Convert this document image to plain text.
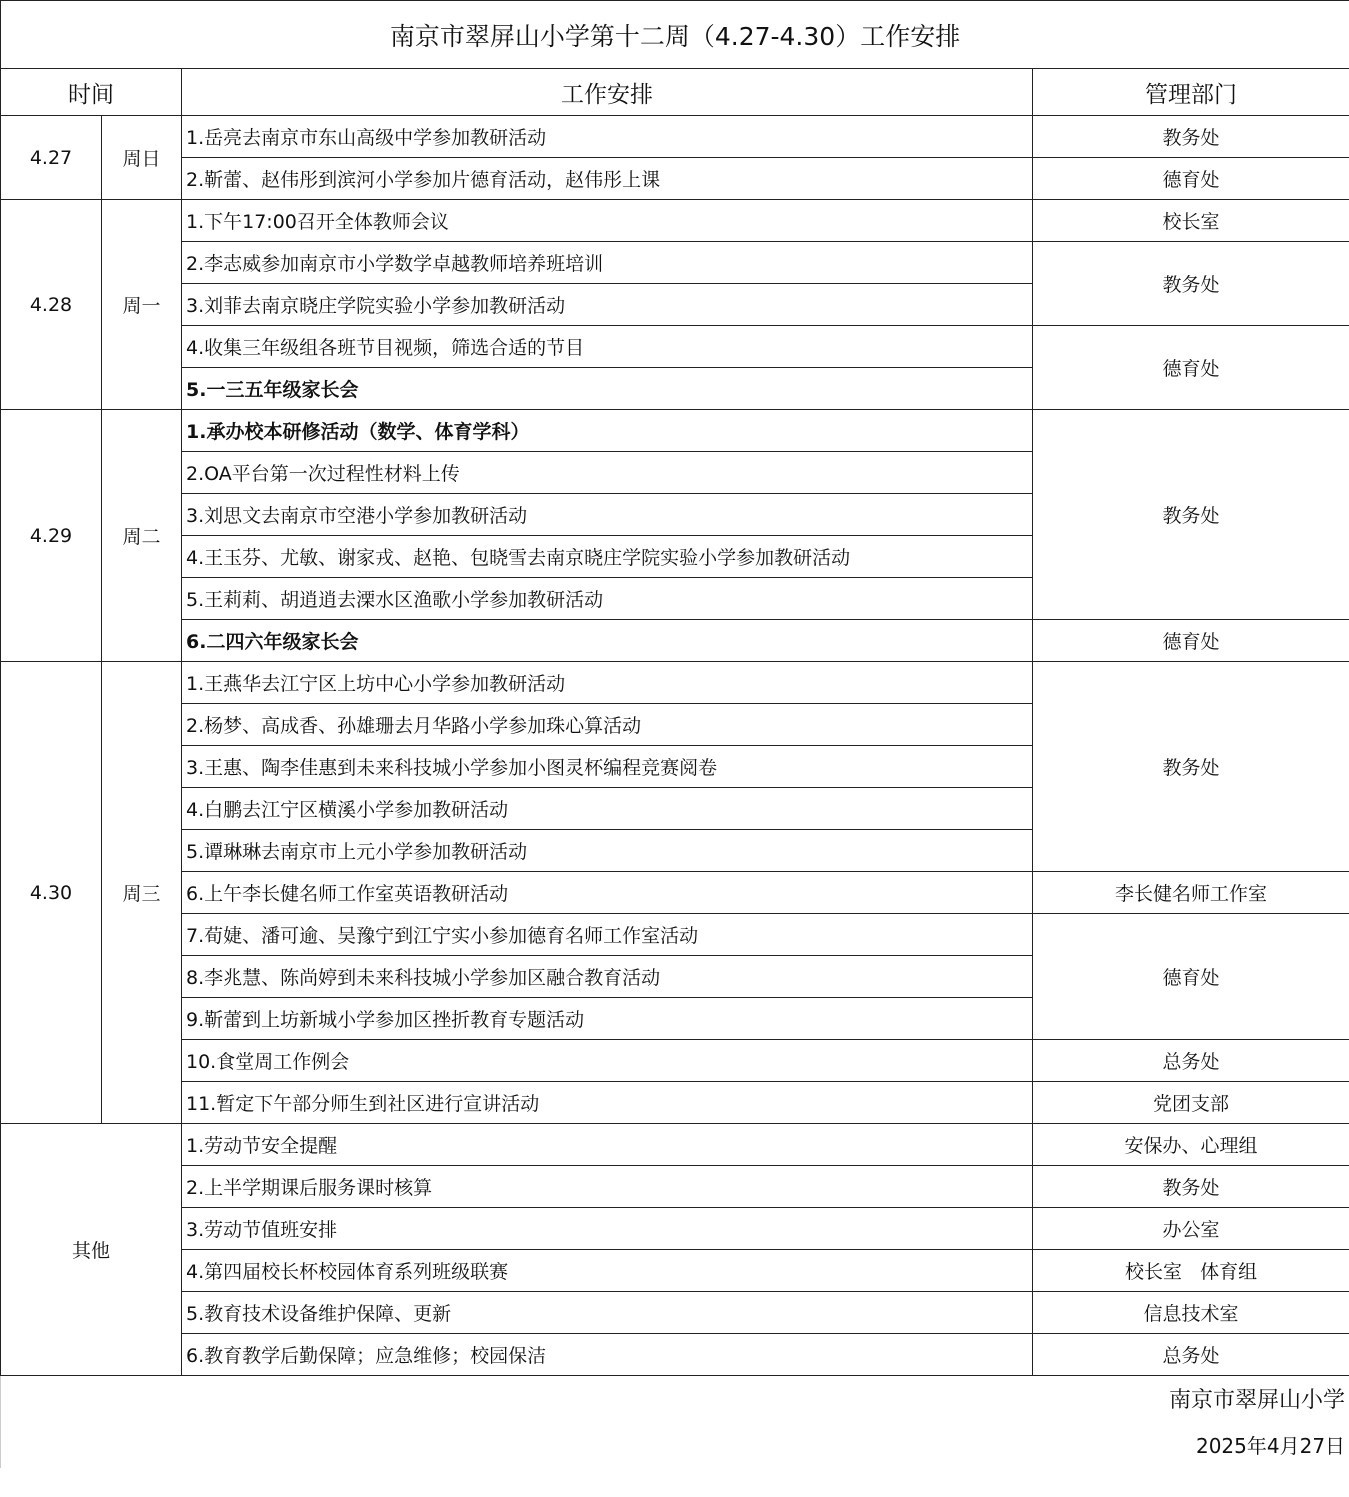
南京市翠屏山小学第十二周（4.27-4.30）工作安排			
时间		工作安排	管理部门
4.27	周日	1.岳亮去南京市东山高级中学参加教研活动	教务处
		2.靳蕾、赵伟彤到滨河小学参加片德育活动，赵伟彤上课	德育处
4.28	周一	1.下午17:00召开全体教师会议	校长室
		2.李志威参加南京市小学数学卓越教师培养班培训	教务处
		3.刘菲去南京晓庄学院实验小学参加教研活动	
		4.收集三年级组各班节目视频，筛选合适的节目	德育处
		5.一三五年级家长会	
4.29	周二	1.承办校本研修活动（数学、体育学科）	教务处
		2.OA平台第一次过程性材料上传	
		3.刘思文去南京市空港小学参加教研活动	
		4.王玉芬、尤敏、谢家戎、赵艳、包晓雪去南京晓庄学院实验小学参加教研活动	
		5.王莉莉、胡逍逍去溧水区渔歌小学参加教研活动	
		6.二四六年级家长会	德育处
4.30	周三	1.王燕华去江宁区上坊中心小学参加教研活动	教务处
		2.杨梦、高成香、孙雄珊去月华路小学参加珠心算活动	
		3.王惠、陶李佳惠到未来科技城小学参加小图灵杯编程竞赛阅卷	
		4.白鹏去江宁区横溪小学参加教研活动	
		5.谭琳琳去南京市上元小学参加教研活动	
		6.上午李长健名师工作室英语教研活动	李长健名师工作室
		7.荀婕、潘可逾、吴豫宁到江宁实小参加德育名师工作室活动	德育处
		8.李兆慧、陈尚婷到未来科技城小学参加区融合教育活动	
		9.靳蕾到上坊新城小学参加区挫折教育专题活动	
		10.食堂周工作例会	总务处
		11.暂定下午部分师生到社区进行宣讲活动	党团支部
其他		1.劳动节安全提醒	安保办、心理组
		2.上半学期课后服务课时核算	教务处
		3.劳动节值班安排	办公室
		4.第四届校长杯校园体育系列班级联赛	校长室   体育组
		5.教育技术设备维护保障、更新	信息技术室
		6.教育教学后勤保障；应急维修；校园保洁	总务处
南京市翠屏山小学			
2025年4月27日			
